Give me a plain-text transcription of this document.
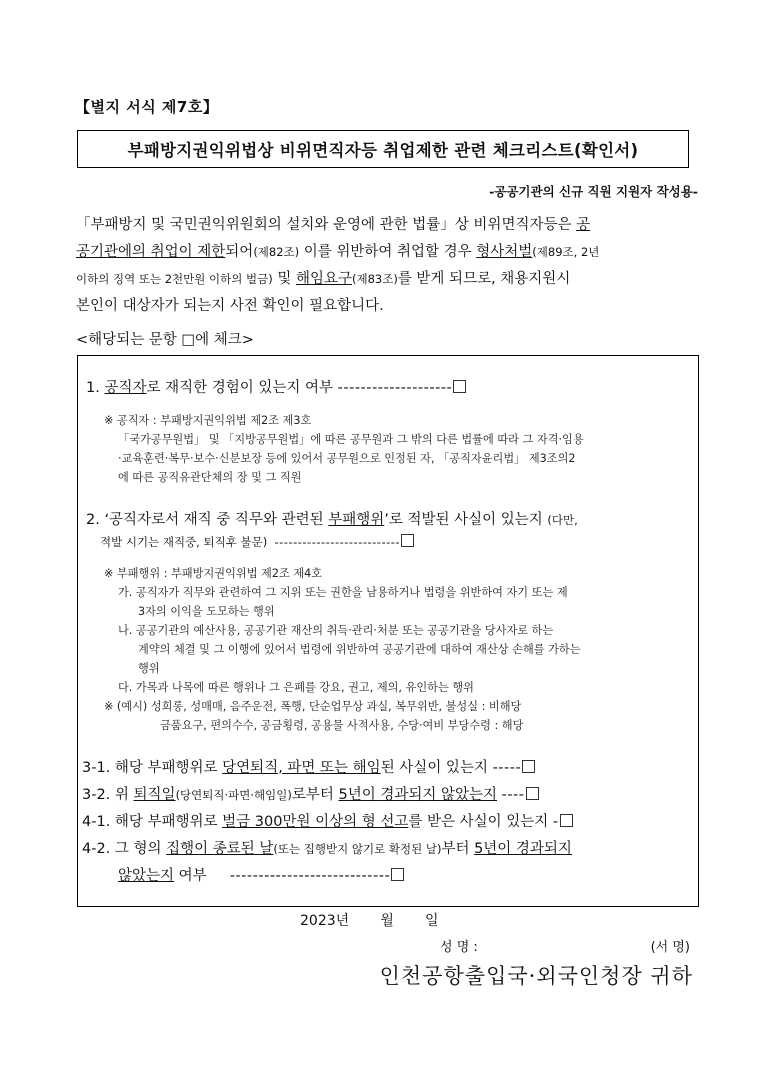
【별지 서식 제7호】
부패방지권익위법상 비위면직자등 취업제한 관련 체크리스트(확인서)
-공공기관의 신규 직원 지원자 작성용-
「부패방지 및 국민권익위원회의 설치와 운영에 관한 법률」상 비위면직자등은 공
공기관에의 취업이 제한되어(제82조) 이를 위반하여 취업할 경우 형사처벌(제89조, 2년
이하의 징역 또는 2천만원 이하의 벌금) 및 해임요구(제83조)를 받게 되므로, 채용지원시
본인이 대상자가 되는지 사전 확인이 필요합니다.
<해당되는 문항 □에 체크>
1. 공직자로 재직한 경험이 있는지 여부 --------------------
※ 공직자 : 부패방지권익위법 제2조 제3호
「국가공무원법」 및 「지방공무원법」에 따른 공무원과 그 밖의 다른 법률에 따라 그 자격·임용
·교육훈련·복무·보수·신분보장 등에 있어서 공무원으로 인정된 자, 「공직자윤리법」 제3조의2
에 따른 공직유관단체의 장 및 그 직원
2. ‘공직자로서 재직 중 직무와 관련된 부패행위’로 적발된 사실이 있는지 (다만,
적발 시기는 재직중, 퇴직후 불문) ---------------------------
※ 부패행위 : 부패방지권익위법 제2조 제4호
가. 공직자가 직무와 관련하여 그 지위 또는 권한을 남용하거나 법령을 위반하여 자기 또는 제
3자의 이익을 도모하는 행위
나. 공공기관의 예산사용, 공공기관 재산의 취득·관리·처분 또는 공공기관을 당사자로 하는
계약의 체결 및 그 이행에 있어서 법령에 위반하여 공공기관에 대하여 재산상 손해를 가하는
행위
다. 가목과 나목에 따른 행위나 그 은폐를 강요, 권고, 제의, 유인하는 행위
※ (예시) 성희롱, 성매매, 음주운전, 폭행, 단순업무상 과실, 복무위반, 불성실 : 비해당
금품요구, 편의수수, 공금횡령, 공용물 사적사용, 수당·여비 부당수령 : 해당
3-1. 해당 부패행위로 당연퇴직, 파면 또는 해임된 사실이 있는지 -----
3-2. 위 퇴직일(당연퇴직·파면·해임일)로부터 5년이 경과되지 않았는지 ----
4-1. 해당 부패행위로 벌금 300만원 이상의 형 선고를 받은 사실이 있는지 -
4-2. 그 형의 집행이 종료된 날(또는 집행받지 않기로 확정된 날)부터 5년이 경과되지
않았는지 여부     ----------------------------
2023년 월 일
성 명 :	(서 명)
인천공항출입국·외국인청장 귀하
